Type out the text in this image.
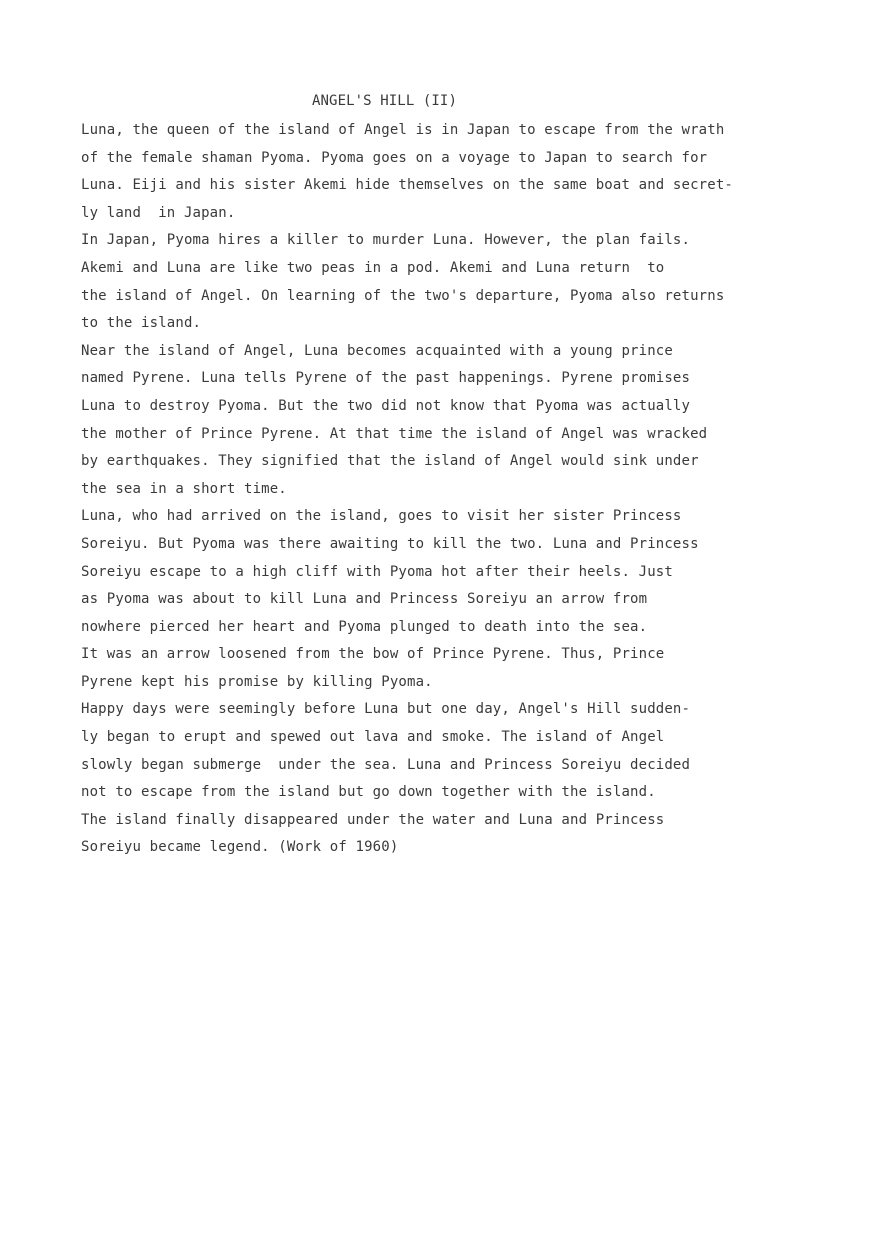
ANGEL'S HILL (II)
Luna, the queen of the island of Angel is in Japan to escape from the wrath
of the female shaman Pyoma. Pyoma goes on a voyage to Japan to search for
Luna. Eiji and his sister Akemi hide themselves on the same boat and secret-
ly land  in Japan.
In Japan, Pyoma hires a killer to murder Luna. However, the plan fails.
Akemi and Luna are like two peas in a pod. Akemi and Luna return  to
the island of Angel. On learning of the two's departure, Pyoma also returns
to the island.
Near the island of Angel, Luna becomes acquainted with a young prince
named Pyrene. Luna tells Pyrene of the past happenings. Pyrene promises
Luna to destroy Pyoma. But the two did not know that Pyoma was actually
the mother of Prince Pyrene. At that time the island of Angel was wracked
by earthquakes. They signified that the island of Angel would sink under
the sea in a short time.
Luna, who had arrived on the island, goes to visit her sister Princess
Soreiyu. But Pyoma was there awaiting to kill the two. Luna and Princess
Soreiyu escape to a high cliff with Pyoma hot after their heels. Just
as Pyoma was about to kill Luna and Princess Soreiyu an arrow from
nowhere pierced her heart and Pyoma plunged to death into the sea.
It was an arrow loosened from the bow of Prince Pyrene. Thus, Prince
Pyrene kept his promise by killing Pyoma.
Happy days were seemingly before Luna but one day, Angel's Hill sudden-
ly began to erupt and spewed out lava and smoke. The island of Angel
slowly began submerge  under the sea. Luna and Princess Soreiyu decided
not to escape from the island but go down together with the island.
The island finally disappeared under the water and Luna and Princess
Soreiyu became legend. (Work of 1960)
